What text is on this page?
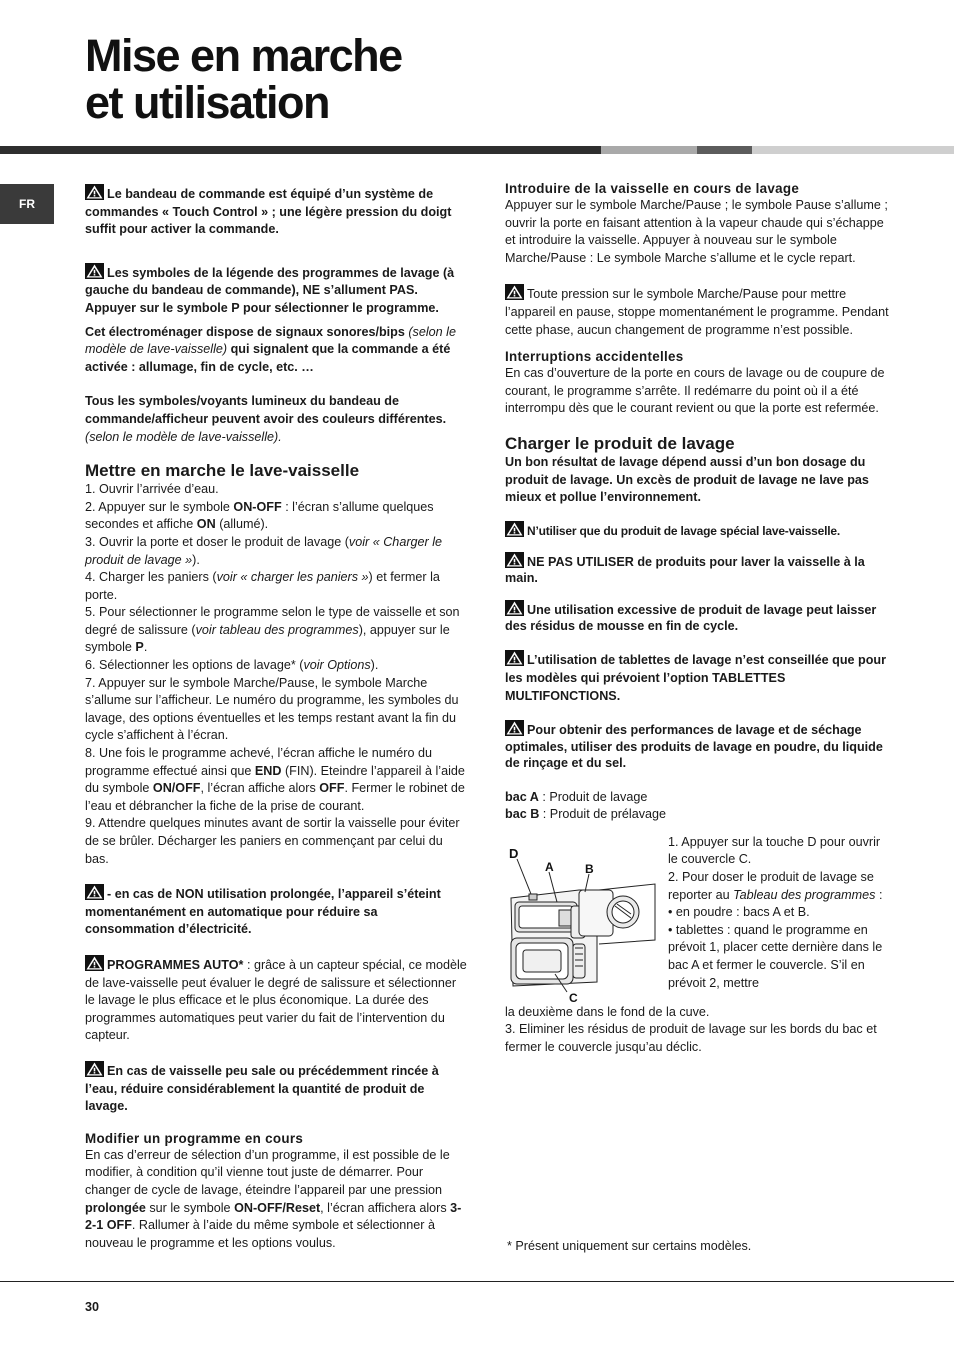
Mise en marche
et utilisation
FR

Le bandeau de commande est équipé d’un système de commandes « Touch Control » ; une légère pression du doigt suffit pour activer la commande.

Les symboles de la légende des programmes de lavage (à gauche du bandeau de commande), NE s’allument PAS.

Appuyer sur le symbole P pour sélectionner le programme.

Cet électroménager dispose de signaux sonores/bips (selon le modèle de lave-vaisselle) qui signalent que la commande a été activée : allumage, fin de cycle, etc. …

Tous les symboles/voyants lumineux du bandeau de commande/afficheur peuvent avoir des couleurs différentes. (selon le modèle de lave-vaisselle).

Mettre en marche le lave-vaisselle

1. Ouvrir l’arrivée d’eau.

2. Appuyer sur le symbole ON-OFF : l’écran s’allume quelques secondes et affiche ON (allumé).

3. Ouvrir la porte et doser le produit de lavage (voir « Charger le produit de lavage »).

4. Charger les paniers (voir « charger les paniers ») et fermer la porte.

5. Pour sélectionner le programme selon le type de vaisselle et son degré de salissure (voir tableau des programmes), appuyer sur le symbole P.

6. Sélectionner les options de lavage* (voir Options).

7. Appuyer sur le symbole Marche/Pause, le symbole Marche s’allume sur l’afficheur. Le numéro du programme, les symboles du lavage, des options éventuelles et les temps restant avant la fin du cycle s’affichent à l’écran.

8. Une fois le programme achevé, l’écran affiche le numéro du programme effectué ainsi que END (FIN). Eteindre l’appareil à l’aide du symbole ON/OFF, l’écran affiche alors OFF. Fermer le robinet de l’eau et débrancher la fiche de la prise de courant.

9. Attendre quelques minutes avant de sortir la vaisselle pour éviter de se brûler. Décharger les paniers en commençant par celui du bas.

- en cas de NON utilisation prolongée, l’appareil s’éteint momentanément en automatique pour réduire sa consommation d’électricité.

PROGRAMMES AUTO* : grâce à un capteur spécial, ce modèle de lave-vaisselle peut évaluer le degré de salissure et sélectionner le lavage le plus efficace et le plus économique. La durée des programmes automatiques peut varier du fait de l’intervention du capteur.

En cas de vaisselle peu sale ou précédemment rincée à l’eau, réduire considérablement la quantité de produit de lavage.

Modifier un programme en cours

En cas d’erreur de sélection d’un programme, il est possible de le modifier, à condition qu’il vienne tout juste de démarrer. Pour changer de cycle de lavage, éteindre l’appareil par une pression prolongée sur le symbole ON-OFF/Reset, l’écran affichera alors 3-2-1 OFF. Rallumer à l’aide du même symbole et sélectionner à nouveau le programme et les options voulus.

Introduire de la vaisselle en cours de lavage

Appuyer sur le symbole Marche/Pause ; le symbole Pause s’allume ; ouvrir la porte en faisant attention à la vapeur chaude qui s’échappe et introduire la vaisselle. Appuyer à nouveau sur le symbole Marche/Pause : Le symbole Marche s’allume et le cycle repart.

Toute pression sur le symbole Marche/Pause pour mettre l’appareil en pause, stoppe momentanément le programme. Pendant cette phase, aucun changement de programme n’est possible.

Interruptions accidentelles

En cas d’ouverture de la porte en cours de lavage ou de coupure de courant, le programme s’arrête. Il redémarre du point où il a été interrompu dès que le courant revient ou que la porte est refermée.

Charger le produit de lavage

Un bon résultat de lavage dépend aussi d’un bon dosage du produit de lavage. Un excès de produit de lavage ne lave pas mieux et pollue l’environnement.

N’utiliser que du produit de lavage spécial lave-vaisselle.

NE PAS UTILISER de produits pour laver la vaisselle à la main.

Une utilisation excessive de produit de lavage peut laisser des résidus de mousse en fin de cycle.

L’utilisation de tablettes de lavage n’est conseillée que pour les modèles qui prévoient l’option TABLETTES MULTIFONCTIONS.

Pour obtenir des performances de lavage et de séchage optimales, utiliser des produits de lavage en poudre, du liquide de rinçage et du sel.

bac A : Produit de lavage

bac B : Produit de prélavage

D
A	B
C

1. Appuyer sur la touche D pour ouvrir le couvercle C.

2. Pour doser le produit de lavage se reporter au Tableau des programmes :

• en poudre : bacs A et B.

• tablettes : quand le programme en prévoit 1, placer cette dernière dans le bac A et fermer le couvercle. S’il en prévoit 2, mettre

la deuxième dans le fond de la cuve.

3. Eliminer les résidus de produit de lavage sur les bords du bac et fermer le couvercle jusqu’au déclic.

* Présent uniquement sur certains modèles.
30
